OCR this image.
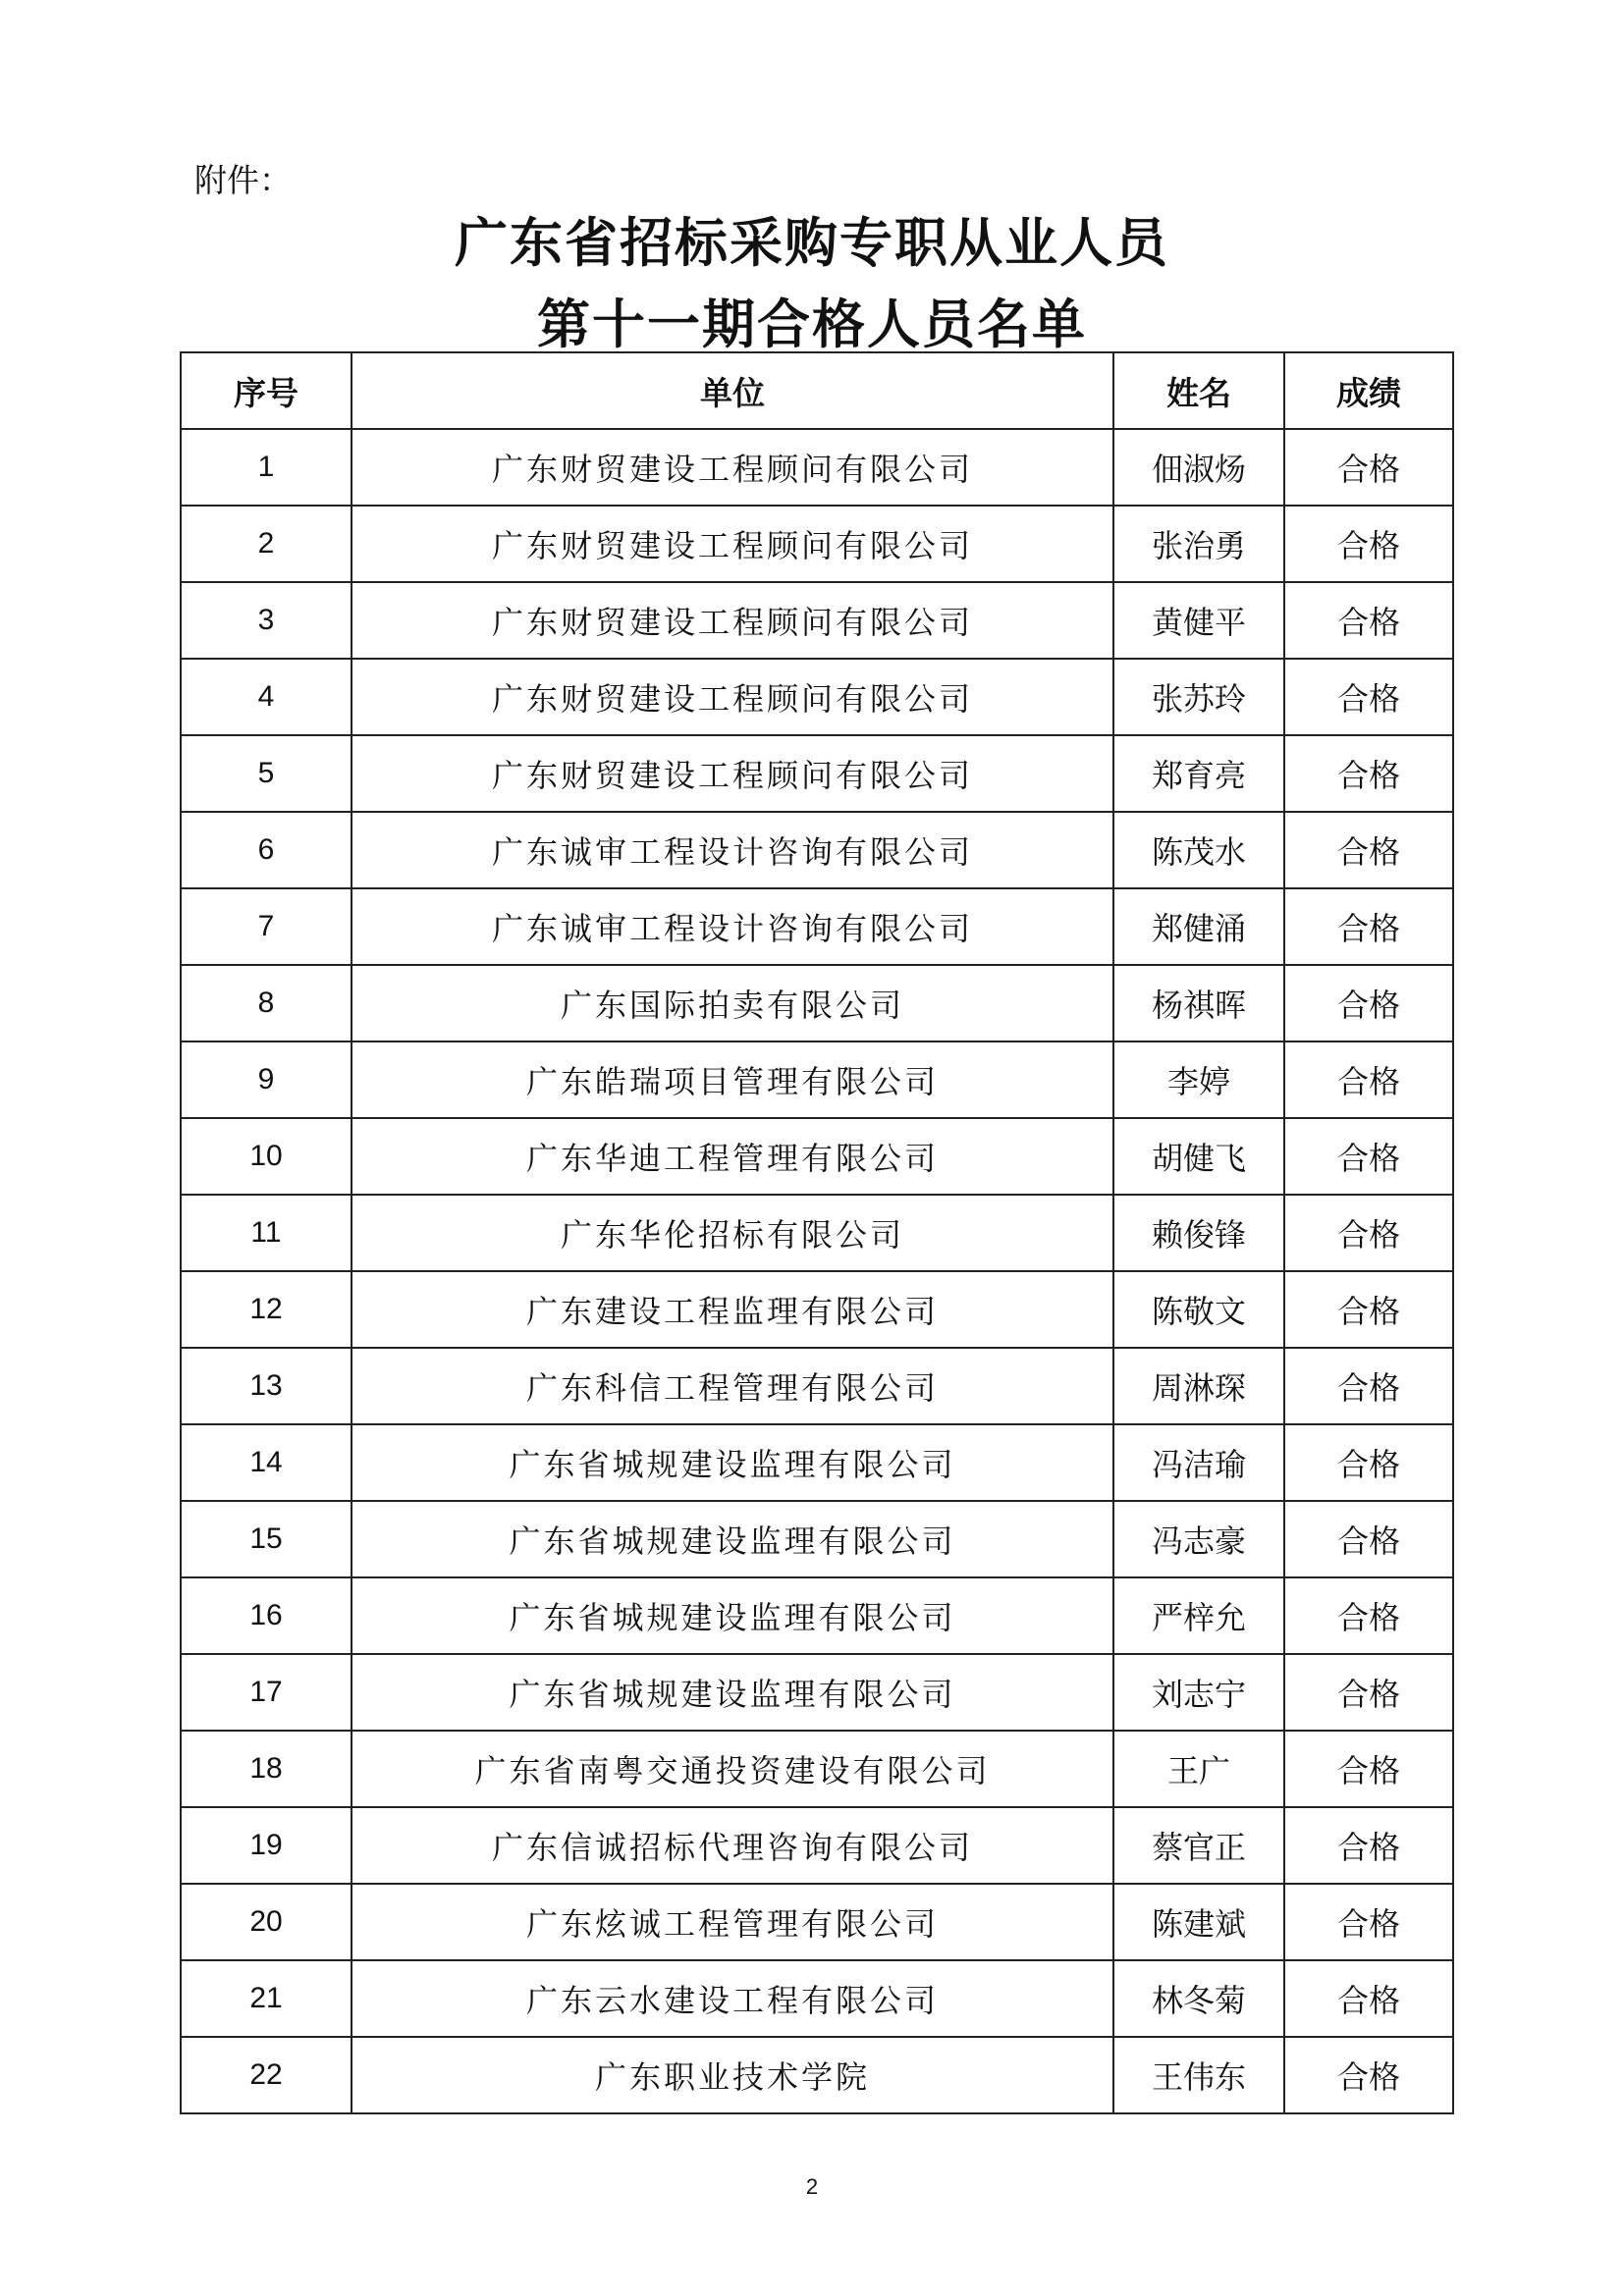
附件：
广东省招标采购专职从业人员
第十一期合格人员名单
序号	单位	姓名	成绩
1	广东财贸建设工程顾问有限公司	佃淑炀	合格
2	广东财贸建设工程顾问有限公司	张治勇	合格
3	广东财贸建设工程顾问有限公司	黄健平	合格
4	广东财贸建设工程顾问有限公司	张苏玲	合格
5	广东财贸建设工程顾问有限公司	郑育亮	合格
6	广东诚审工程设计咨询有限公司	陈茂水	合格
7	广东诚审工程设计咨询有限公司	郑健涌	合格
8	广东国际拍卖有限公司	杨祺晖	合格
9	广东皓瑞项目管理有限公司	李婷	合格
10	广东华迪工程管理有限公司	胡健飞	合格
11	广东华伦招标有限公司	赖俊锋	合格
12	广东建设工程监理有限公司	陈敬文	合格
13	广东科信工程管理有限公司	周淋琛	合格
14	广东省城规建设监理有限公司	冯洁瑜	合格
15	广东省城规建设监理有限公司	冯志豪	合格
16	广东省城规建设监理有限公司	严梓允	合格
17	广东省城规建设监理有限公司	刘志宁	合格
18	广东省南粤交通投资建设有限公司	王广	合格
19	广东信诚招标代理咨询有限公司	蔡官正	合格
20	广东炫诚工程管理有限公司	陈建斌	合格
21	广东云水建设工程有限公司	林冬菊	合格
22	广东职业技术学院	王伟东	合格
2
